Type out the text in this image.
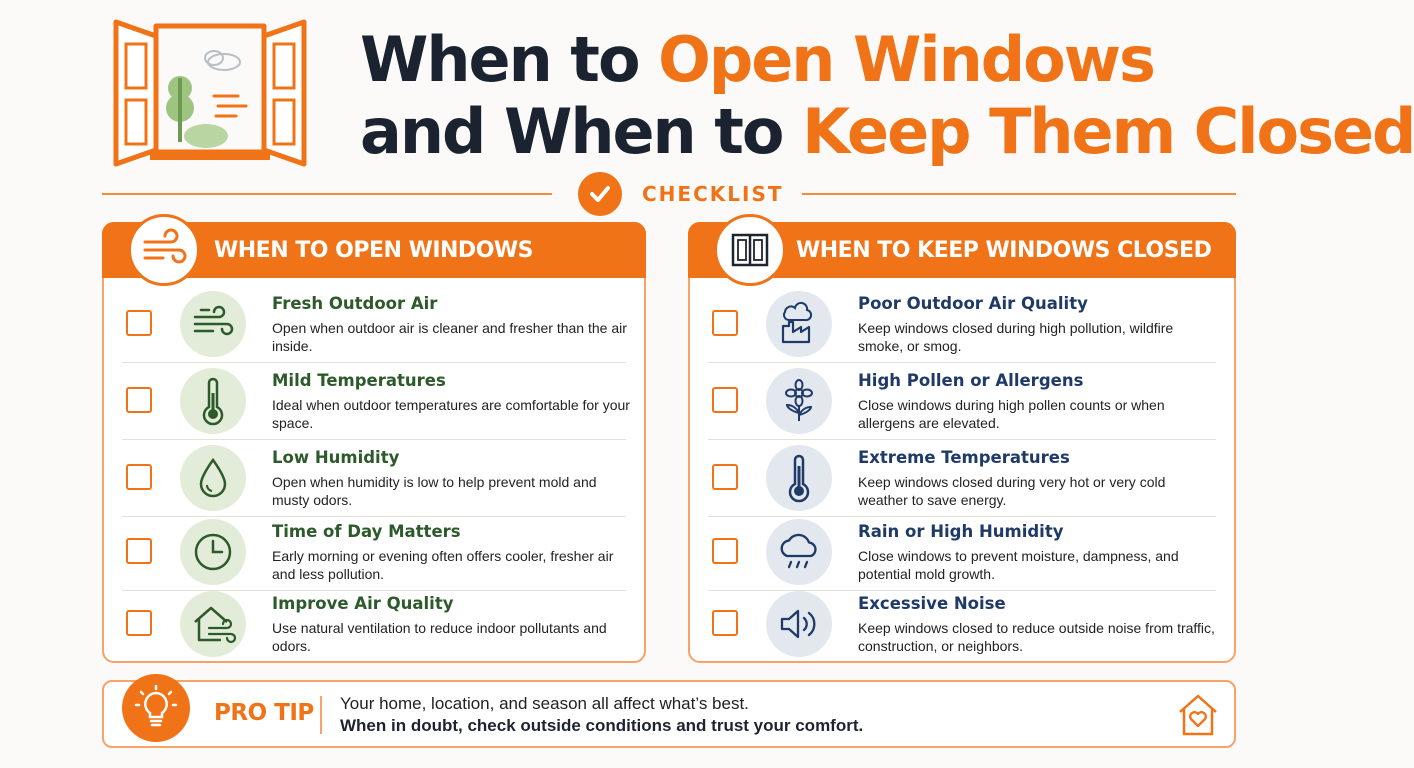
When to Open Windows
and When to Keep Them Closed
CHECKLIST
WHEN TO OPEN WINDOWS
Fresh Outdoor Air
Open when outdoor air is cleaner and fresher than the air inside.
Mild Temperatures
Ideal when outdoor temperatures are comfortable for your space.
Low Humidity
Open when humidity is low to help prevent mold and musty odors.
Time of Day Matters
Early morning or evening often offers cooler, fresher air and less pollution.
Improve Air Quality
Use natural ventilation to reduce indoor pollutants and odors.
WHEN TO KEEP WINDOWS CLOSED
Poor Outdoor Air Quality
Keep windows closed during high pollution, wildfire smoke, or smog.
High Pollen or Allergens
Close windows during high pollen counts or when allergens are elevated.
Extreme Temperatures
Keep windows closed during very hot or very cold weather to save energy.
Rain or High Humidity
Close windows to prevent moisture, dampness, and potential mold growth.
Excessive Noise
Keep windows closed to reduce outside noise from traffic, construction, or neighbors.
PRO TIP Your home, location, and season all affect what’s best.
When in doubt, check outside conditions and trust your comfort.
